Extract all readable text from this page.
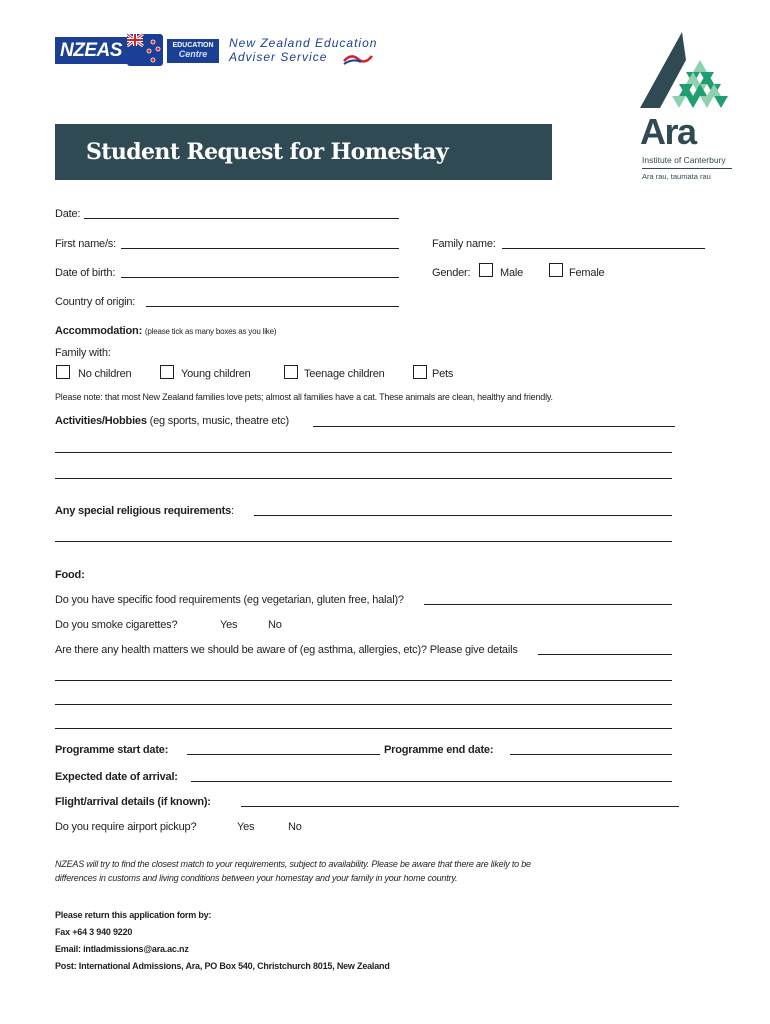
NZEAS	EDUCATION
Centre
New Zealand Education
Adviser Service
Ara
Institute of Canterbury
Ara rau, taumata rau
Student Request for Homestay
Date:
First name/s:	Family name:
Date of birth:	Gender:	Male	Female
Country of origin:
Accommodation: (please tick as many boxes as you like)
Family with:
No children	Young children	Teenage children	Pets
Please note: that most New Zealand families love pets; almost all families have a cat. These animals are clean, healthy and friendly.
Activities/Hobbies (eg sports, music, theatre etc)
Any special religious requirements:
Food:
Do you have specific food requirements (eg vegetarian, gluten free, halal)?
Do you smoke cigarettes?	Yes	No
Are there any health matters we should be aware of (eg asthma, allergies, etc)? Please give details
Programme start date:	Programme end date:
Expected date of arrival:
Flight/arrival details (if known):
Do you require airport pickup?	Yes	No
NZEAS will try to find the closest match to your requirements, subject to availability. Please be aware that there are likely to be
differences in customs and living conditions between your homestay and your family in your home country.
Please return this application form by:
Fax +64 3 940 9220
Email: intladmissions@ara.ac.nz
Post: International Admissions, Ara, PO Box 540, Christchurch 8015, New Zealand
